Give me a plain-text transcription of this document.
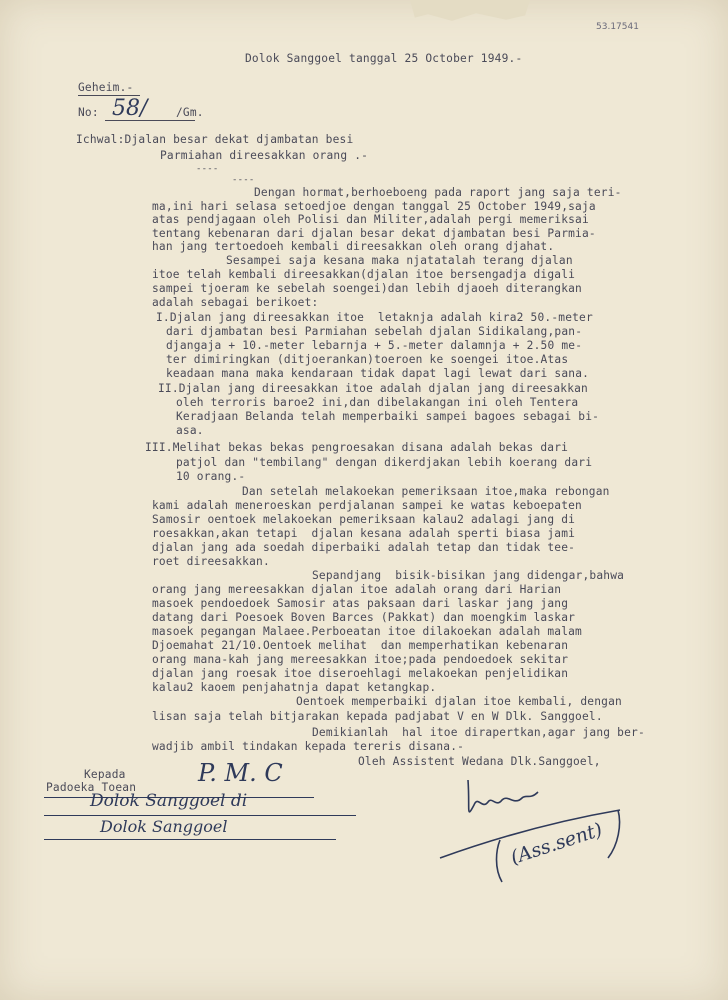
53.17541
Dolok Sanggoel tanggal 25 October 1949.-
Geheim.-
No: 58/	/Gm.
Ichwal:Djalan besar dekat djambatan besi
Parmiahan direesakkan orang .-
----
----
Dengan hormat,berhoeboeng pada raport jang saja teri-
ma,ini hari selasa setoedjoe dengan tanggal 25 October 1949,saja
atas pendjagaan oleh Polisi dan Militer,adalah pergi memeriksai
tentang kebenaran dari djalan besar dekat djambatan besi Parmia-
han jang tertoedoeh kembali direesakkan oleh orang djahat.
Sesampei saja kesana maka njatatalah terang djalan
itoe telah kembali direesakkan(djalan itoe bersengadja digali
sampei tjoeram ke sebelah soengei)dan lebih djaoeh diterangkan
adalah sebagai berikoet:
I.Djalan jang direesakkan itoe  letaknja adalah kira2 50.-meter
dari djambatan besi Parmiahan sebelah djalan Sidikalang,pan-
djangaja + 10.-meter lebarnja + 5.-meter dalamnja + 2.50 me-
ter dimiringkan (ditjoerankan)toeroen ke soengei itoe.Atas
keadaan mana maka kendaraan tidak dapat lagi lewat dari sana.
II.Djalan jang direesakkan itoe adalah djalan jang direesakkan
oleh terroris baroe2 ini,dan dibelakangan ini oleh Tentera
Keradjaan Belanda telah memperbaiki sampei bagoes sebagai bi-
asa.
III.Melihat bekas bekas pengroesakan disana adalah bekas dari
patjol dan "tembilang" dengan dikerdjakan lebih koerang dari
10 orang.-
Dan setelah melakoekan pemeriksaan itoe,maka rebongan
kami adalah meneroeskan perdjalanan sampei ke watas keboepaten
Samosir oentoek melakoekan pemeriksaan kalau2 adalagi jang di
roesakkan,akan tetapi  djalan kesana adalah sperti biasa jami
djalan jang ada soedah diperbaiki adalah tetap dan tidak tee-
roet direesakkan.
Sepandjang  bisik-bisikan jang didengar,bahwa
orang jang mereesakkan djalan itoe adalah orang dari Harian
masoek pendoedoek Samosir atas paksaan dari laskar jang jang
datang dari Poesoek Boven Barces (Pakkat) dan moengkim laskar
masoek pegangan Malaee.Perboeatan itoe dilakoekan adalah malam
Djoemahat 21/10.Oentoek melihat  dan memperhatikan kebenaran
orang mana-kah jang mereesakkan itoe;pada pendoedoek sekitar
djalan jang roesak itoe diseroehlagi melakoekan penjelidikan
kalau2 kaoem penjahatnja dapat ketangkap.
Oentoek memperbaiki djalan itoe kembali, dengan
lisan saja telah bitjarakan kepada padjabat V en W Dlk. Sanggoel.
Demikianlah  hal itoe dirapertkan,agar jang ber-
wadjib ambil tindakan kepada tereris disana.-
Oleh Assistent Wedana Dlk.Sanggoel,
Kepada
Padoeka Toean
P. M. C
Dolok Sanggoel di
Dolok Sanggoel	(Ass.sent)
